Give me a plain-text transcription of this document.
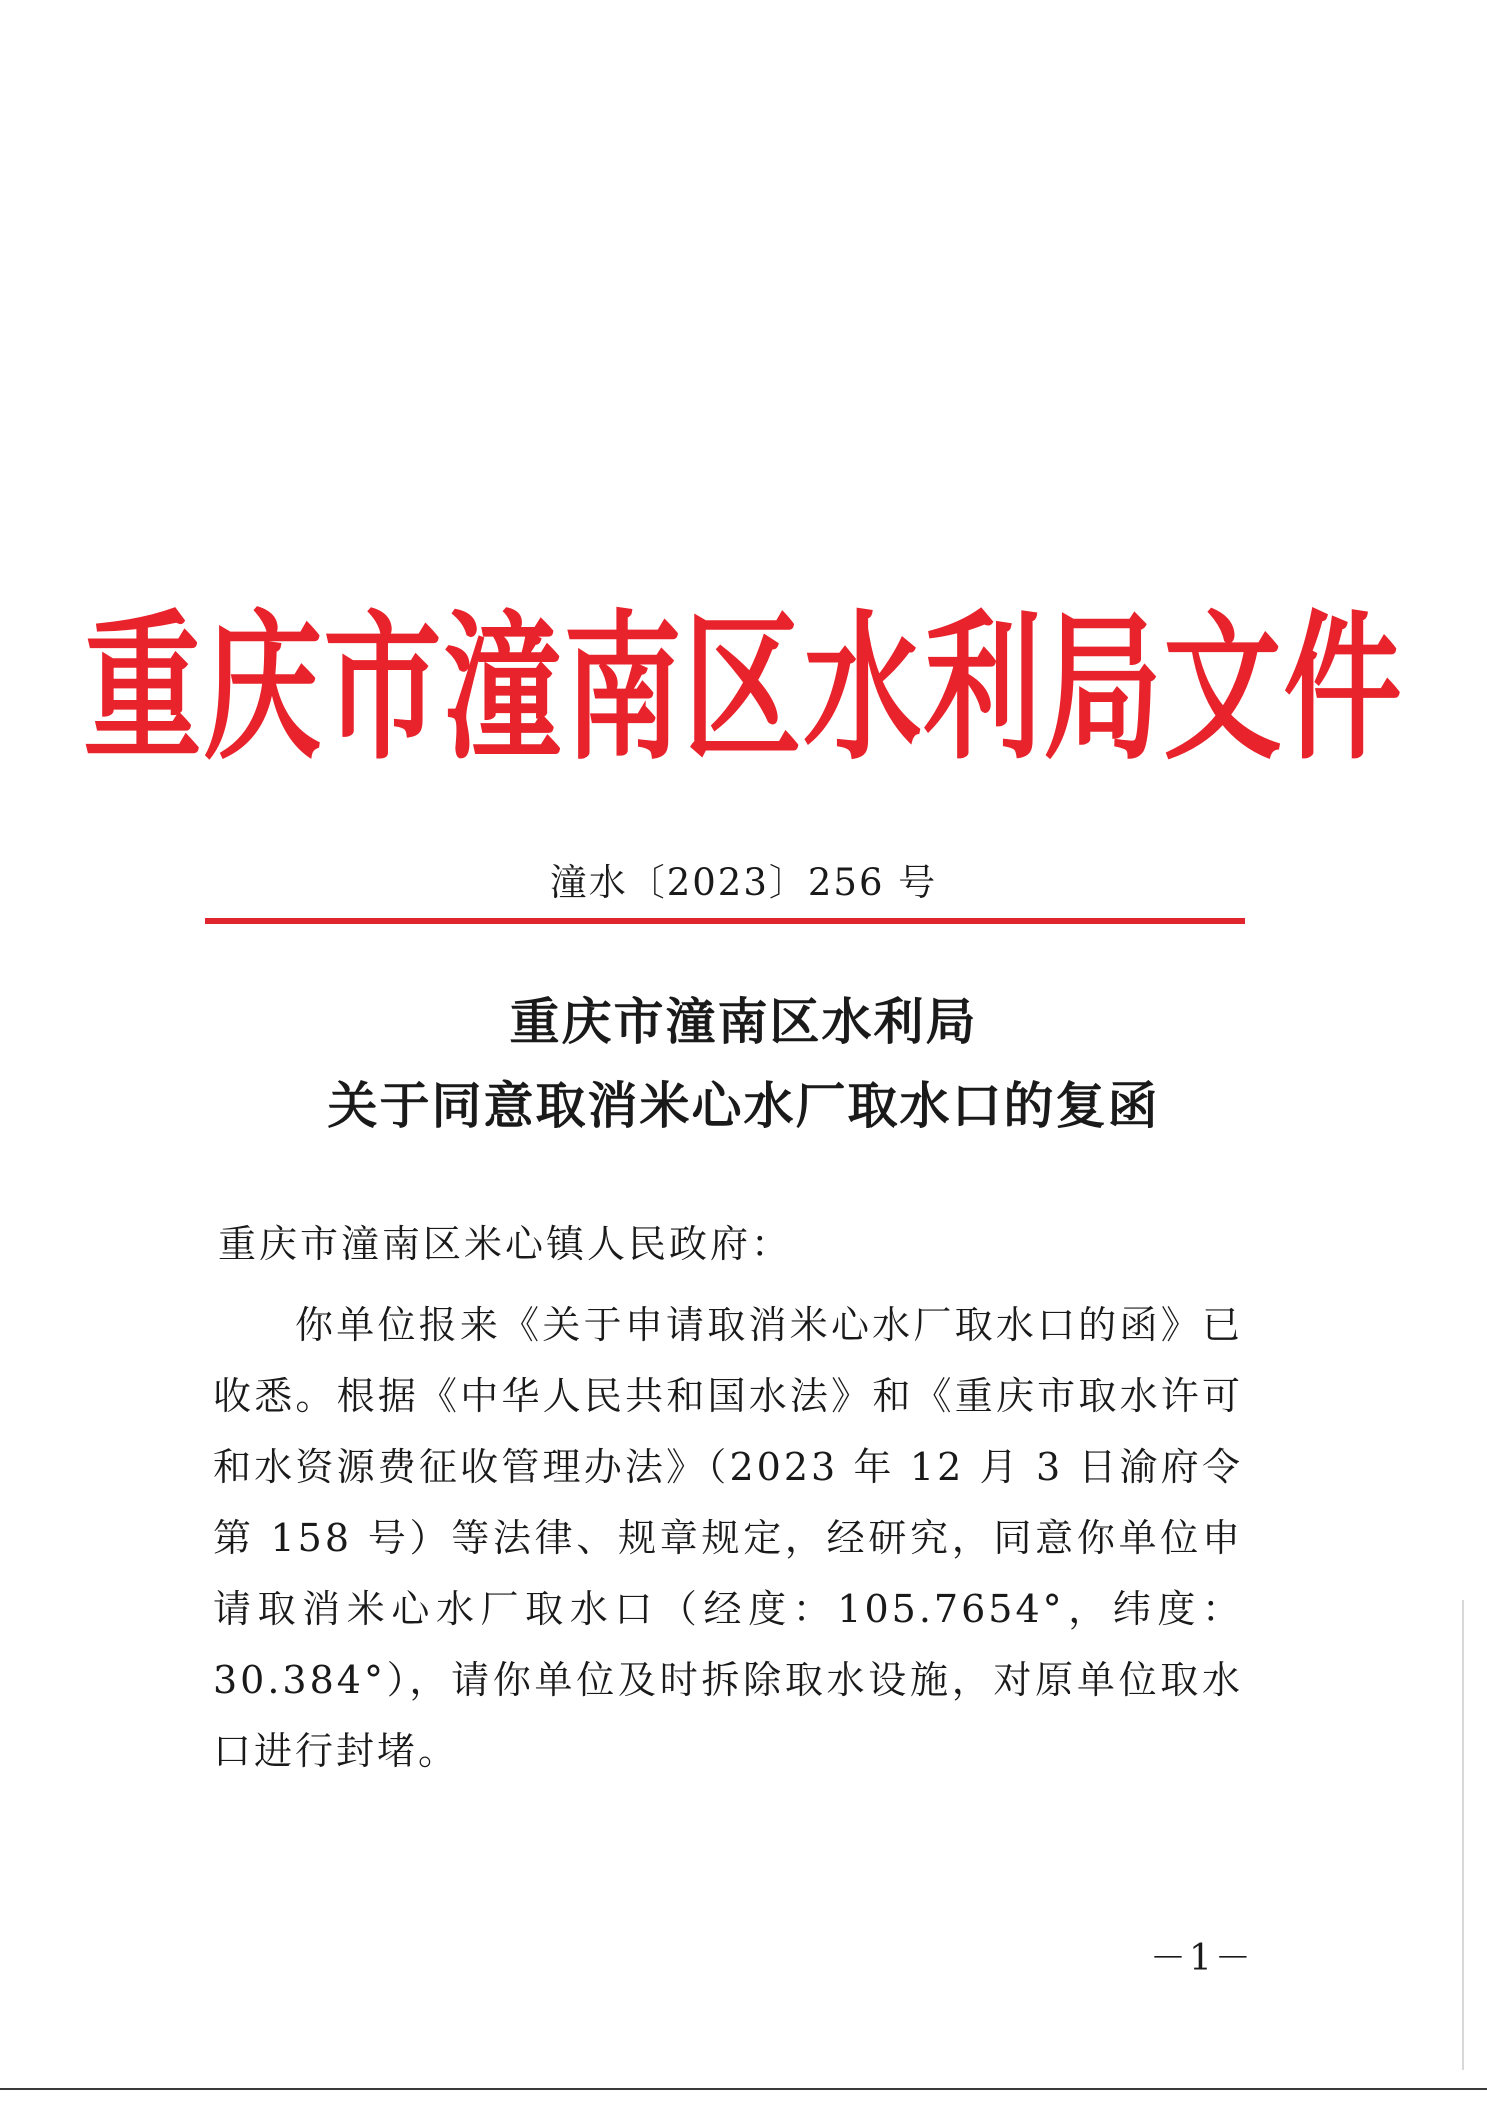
重庆市潼南区水利局文件
潼水〔2023〕256 号
重庆市潼南区水利局
关于同意取消米心水厂取水口的复函
重庆市潼南区米心镇人民政府：
你单位报来《关于申请取消米心水厂取水口的函》已收悉。根据《中华人民共和国水法》和《重庆市取水许可和水资源费征收管理办法》（2023 年 12 月 3 日渝府令第 158 号）等法律、规章规定，经研究，同意你单位申请取消米心水厂取水口（经度：105.7654°，纬度：30.384°），请你单位及时拆除取水设施，对原单位取水口进行封堵。
－1－
